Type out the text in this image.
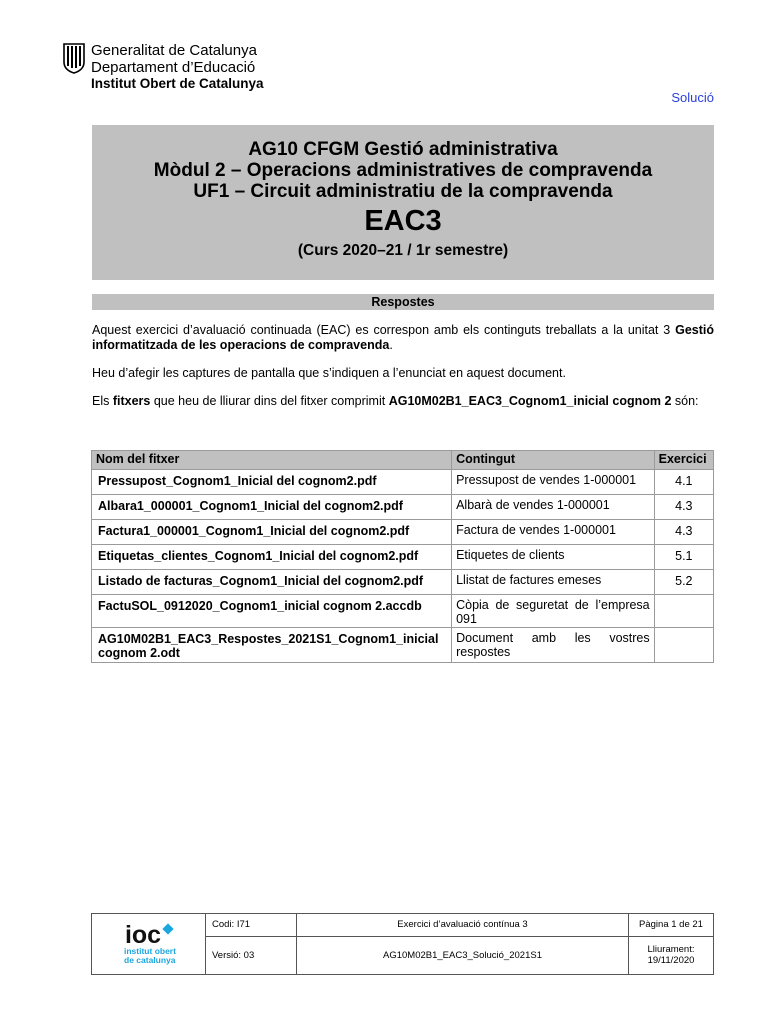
Generalitat de Catalunya
Departament d’Educació
Institut Obert de Catalunya
Solució
AG10 CFGM Gestió administrativa
Mòdul 2 – Operacions administratives de compravenda
UF1 – Circuit administratiu de la compravenda
EAC3
(Curs 2020–21 / 1r semestre)
Respostes
Aquest exercici d’avaluació continuada (EAC) es correspon amb els continguts treballats a la unitat 3 Gestió informatitzada de les operacions de compravenda.
Heu d’afegir les captures de pantalla que s’indiquen a l’enunciat en aquest document.
Els fitxers que heu de lliurar dins del fitxer comprimit AG10M02B1_EAC3_Cognom1_inicial cognom 2 són:
Nom del fitxer	Contingut	Exercici
Pressupost_Cognom1_Inicial del cognom2.pdf	Pressupost de vendes 1-000001	4.1
Albara1_000001_Cognom1_Inicial del cognom2.pdf	Albarà de vendes 1-000001	4.3
Factura1_000001_Cognom1_Inicial del cognom2.pdf	Factura de vendes 1-000001	4.3
Etiquetas_clientes_Cognom1_Inicial del cognom2.pdf	Etiquetes de clients	5.1
Listado de facturas_Cognom1_Inicial del cognom2.pdf	Llistat de factures emeses	5.2
FactuSOL_0912020_Cognom1_inicial cognom 2.accdb	Còpia de seguretat de l’empresa 091	
AG10M02B1_EAC3_Respostes_2021S1_Cognom1_inicial cognom 2.odt	Document amb les vostres respostes	
ioc
institut obert
de catalunya	Codi: I71	Exercici d’avaluació contínua 3	Pàgina 1 de 21
	Versió: 03	AG10M02B1_EAC3_Solució_2021S1	Lliurament:
19/11/2020
